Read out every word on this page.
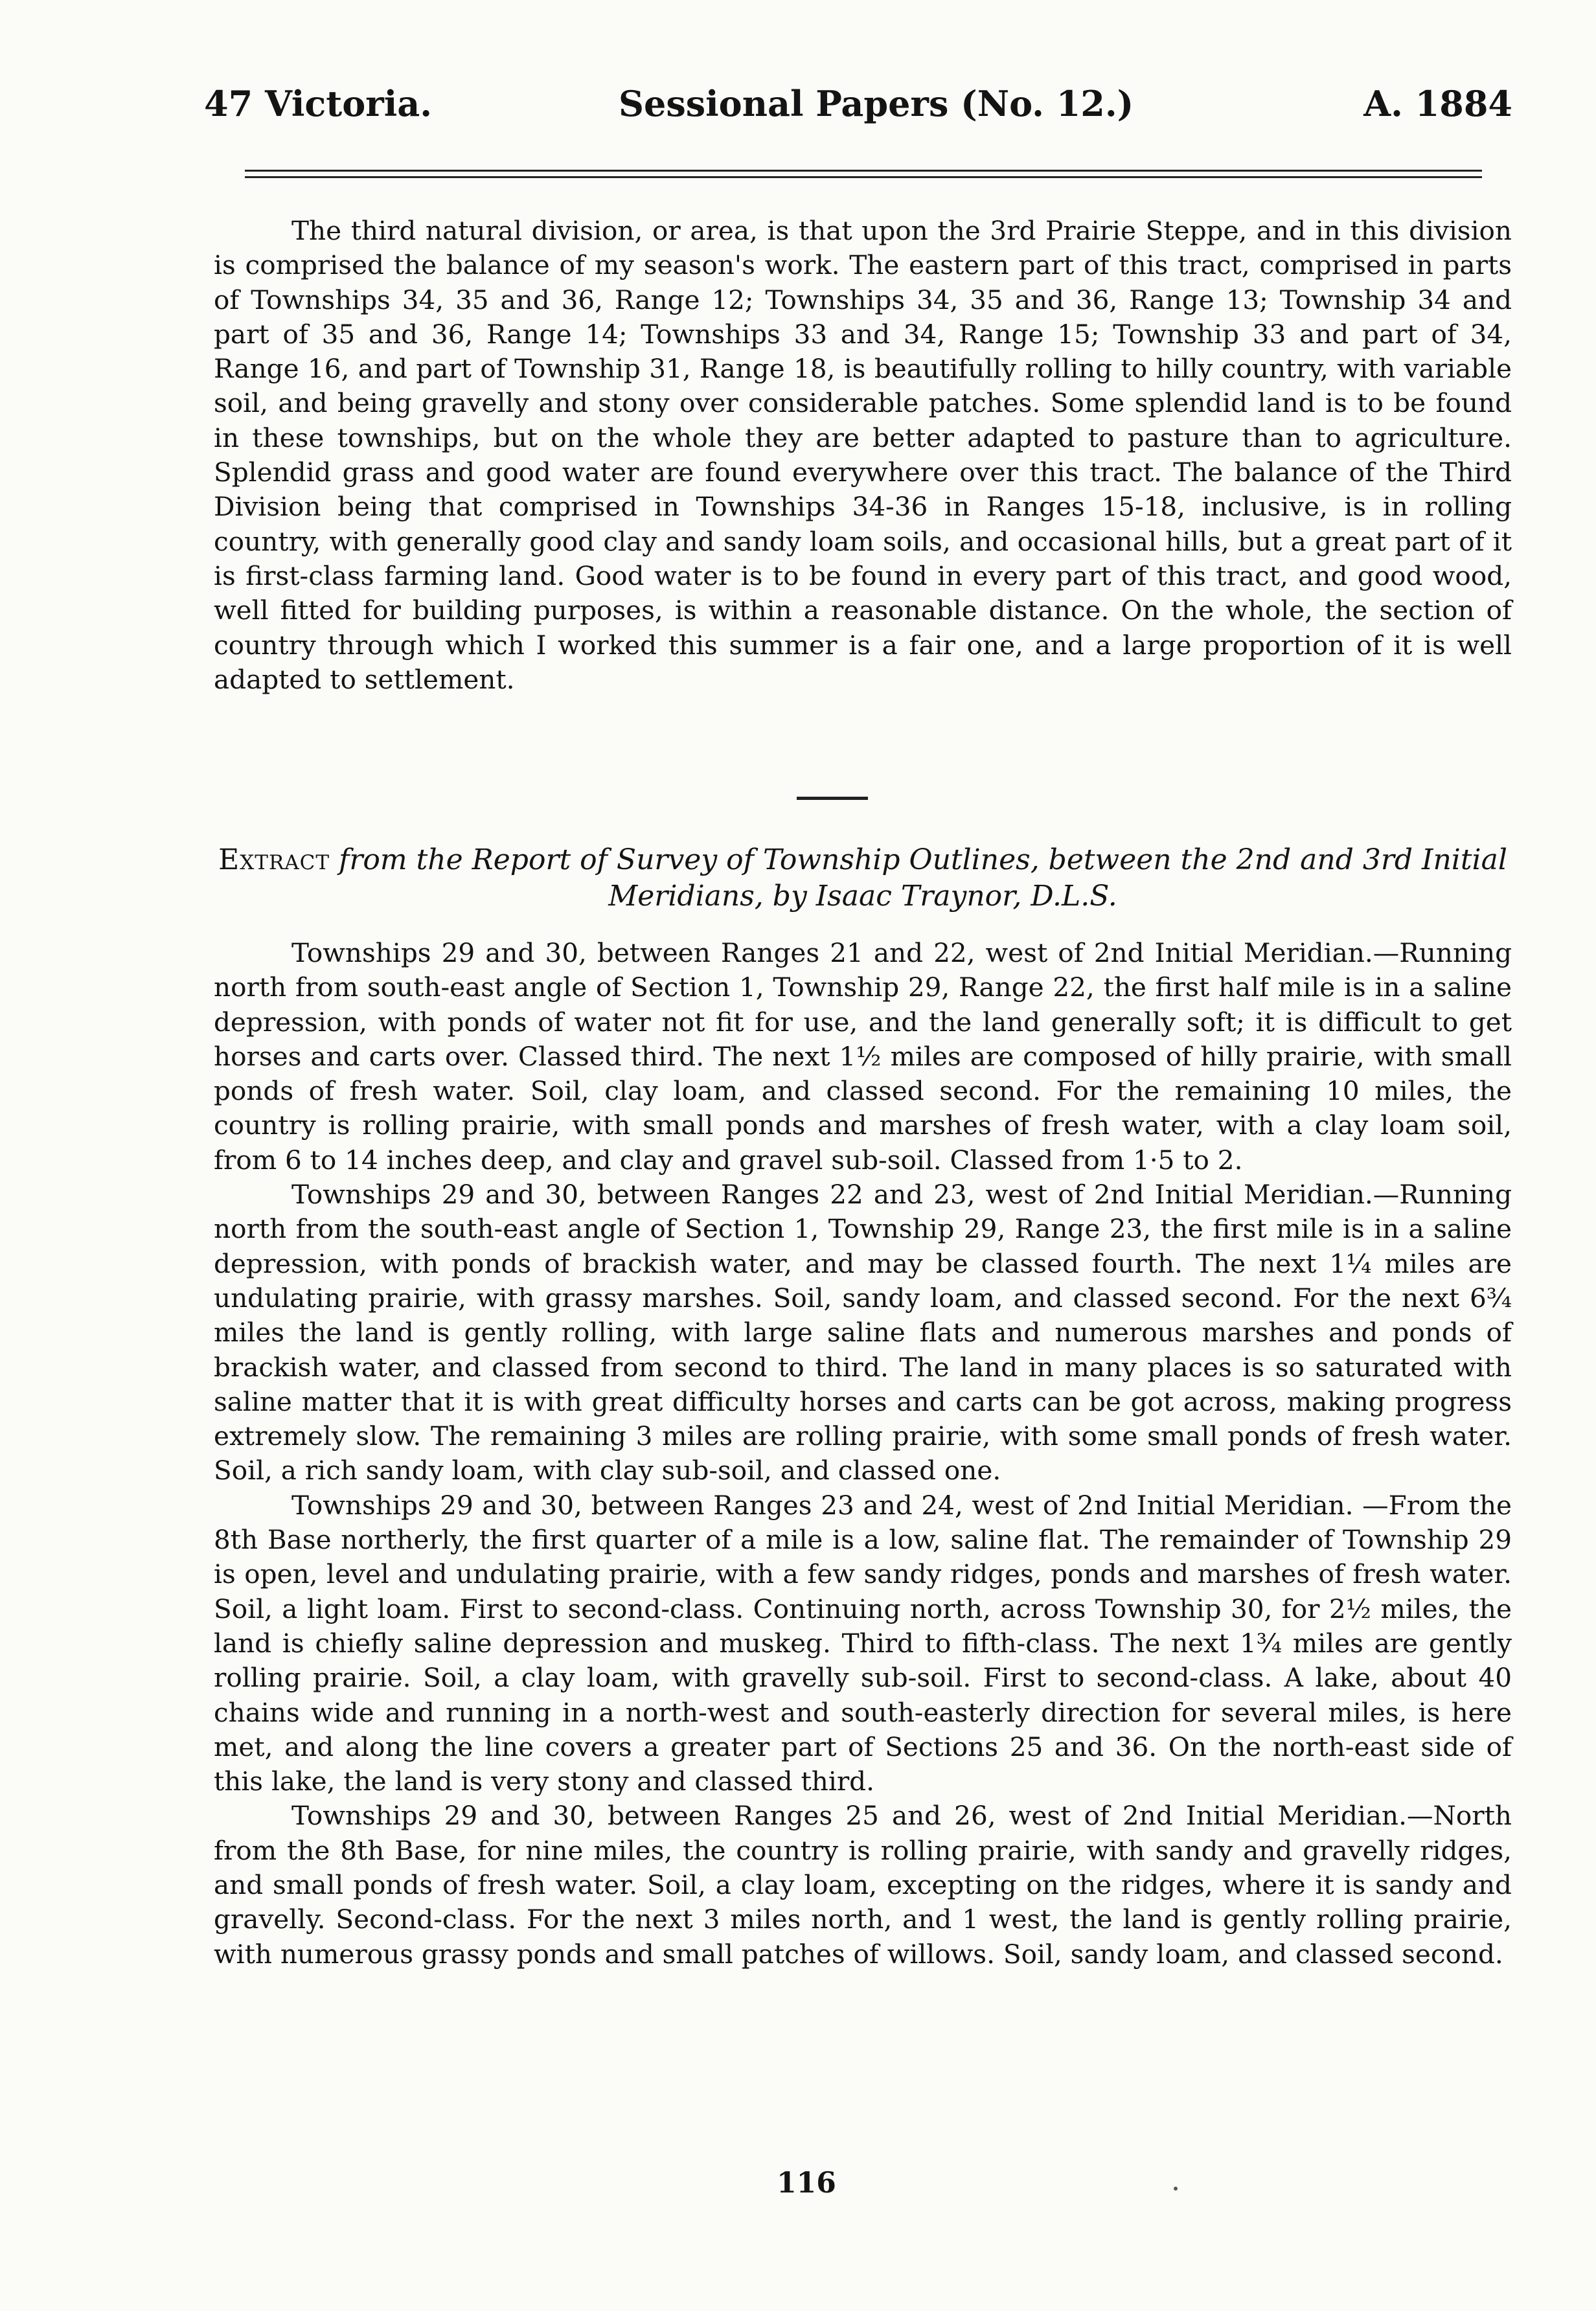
47 Victoria.	Sessional Papers (No. 12.)	A. 1884

The third natural division, or area, is that upon the 3rd Prairie Steppe, and in this division is comprised the balance of my season's work. The eastern part of this tract, comprised in parts of Townships 34, 35 and 36, Range 12; Townships 34, 35 and 36, Range 13; Township 34 and part of 35 and 36, Range 14; Townships 33 and 34, Range 15; Township 33 and part of 34, Range 16, and part of Township 31, Range 18, is beautifully rolling to hilly country, with variable soil, and being gravelly and stony over considerable patches. Some splendid land is to be found in these townships, but on the whole they are better adapted to pasture than to agriculture. Splendid grass and good water are found everywhere over this tract. The balance of the Third Division being that comprised in Townships 34-36 in Ranges 15-18, inclusive, is in rolling country, with generally good clay and sandy loam soils, and occasional hills, but a great part of it is first-class farming land. Good water is to be found in every part of this tract, and good wood, well fitted for building purposes, is within a reasonable distance. On the whole, the section of country through which I worked this summer is a fair one, and a large proportion of it is well adapted to settlement.

Extract from the Report of Survey of Township Outlines, between the 2nd and 3rd Initial Meridians, by Isaac Traynor, D.L.S.

Townships 29 and 30, between Ranges 21 and 22, west of 2nd Initial Meridian.—Running north from south-east angle of Section 1, Township 29, Range 22, the first half mile is in a saline depression, with ponds of water not fit for use, and the land generally soft; it is difficult to get horses and carts over. Classed third. The next 1½ miles are composed of hilly prairie, with small ponds of fresh water. Soil, clay loam, and classed second. For the remaining 10 miles, the country is rolling prairie, with small ponds and marshes of fresh water, with a clay loam soil, from 6 to 14 inches deep, and clay and gravel sub-soil. Classed from 1·5 to 2.

Townships 29 and 30, between Ranges 22 and 23, west of 2nd Initial Meridian.—Running north from the south-east angle of Section 1, Township 29, Range 23, the first mile is in a saline depression, with ponds of brackish water, and may be classed fourth. The next 1¼ miles are undulating prairie, with grassy marshes. Soil, sandy loam, and classed second. For the next 6¾ miles the land is gently rolling, with large saline flats and numerous marshes and ponds of brackish water, and classed from second to third. The land in many places is so saturated with saline matter that it is with great difficulty horses and carts can be got across, making progress extremely slow. The remaining 3 miles are rolling prairie, with some small ponds of fresh water. Soil, a rich sandy loam, with clay sub-soil, and classed one.

Townships 29 and 30, between Ranges 23 and 24, west of 2nd Initial Meridian. —From the 8th Base northerly, the first quarter of a mile is a low, saline flat. The remainder of Township 29 is open, level and undulating prairie, with a few sandy ridges, ponds and marshes of fresh water. Soil, a light loam. First to second-class. Continuing north, across Township 30, for 2½ miles, the land is chiefly saline depression and muskeg. Third to fifth-class. The next 1¾ miles are gently rolling prairie. Soil, a clay loam, with gravelly sub-soil. First to second-class. A lake, about 40 chains wide and running in a north-west and south-easterly direction for several miles, is here met, and along the line covers a greater part of Sections 25 and 36. On the north-east side of this lake, the land is very stony and classed third.

Townships 29 and 30, between Ranges 25 and 26, west of 2nd Initial Meridian.—North from the 8th Base, for nine miles, the country is rolling prairie, with sandy and gravelly ridges, and small ponds of fresh water. Soil, a clay loam, excepting on the ridges, where it is sandy and gravelly. Second-class. For the next 3 miles north, and 1 west, the land is gently rolling prairie, with numerous grassy ponds and small patches of willows. Soil, sandy loam, and classed second.

116
